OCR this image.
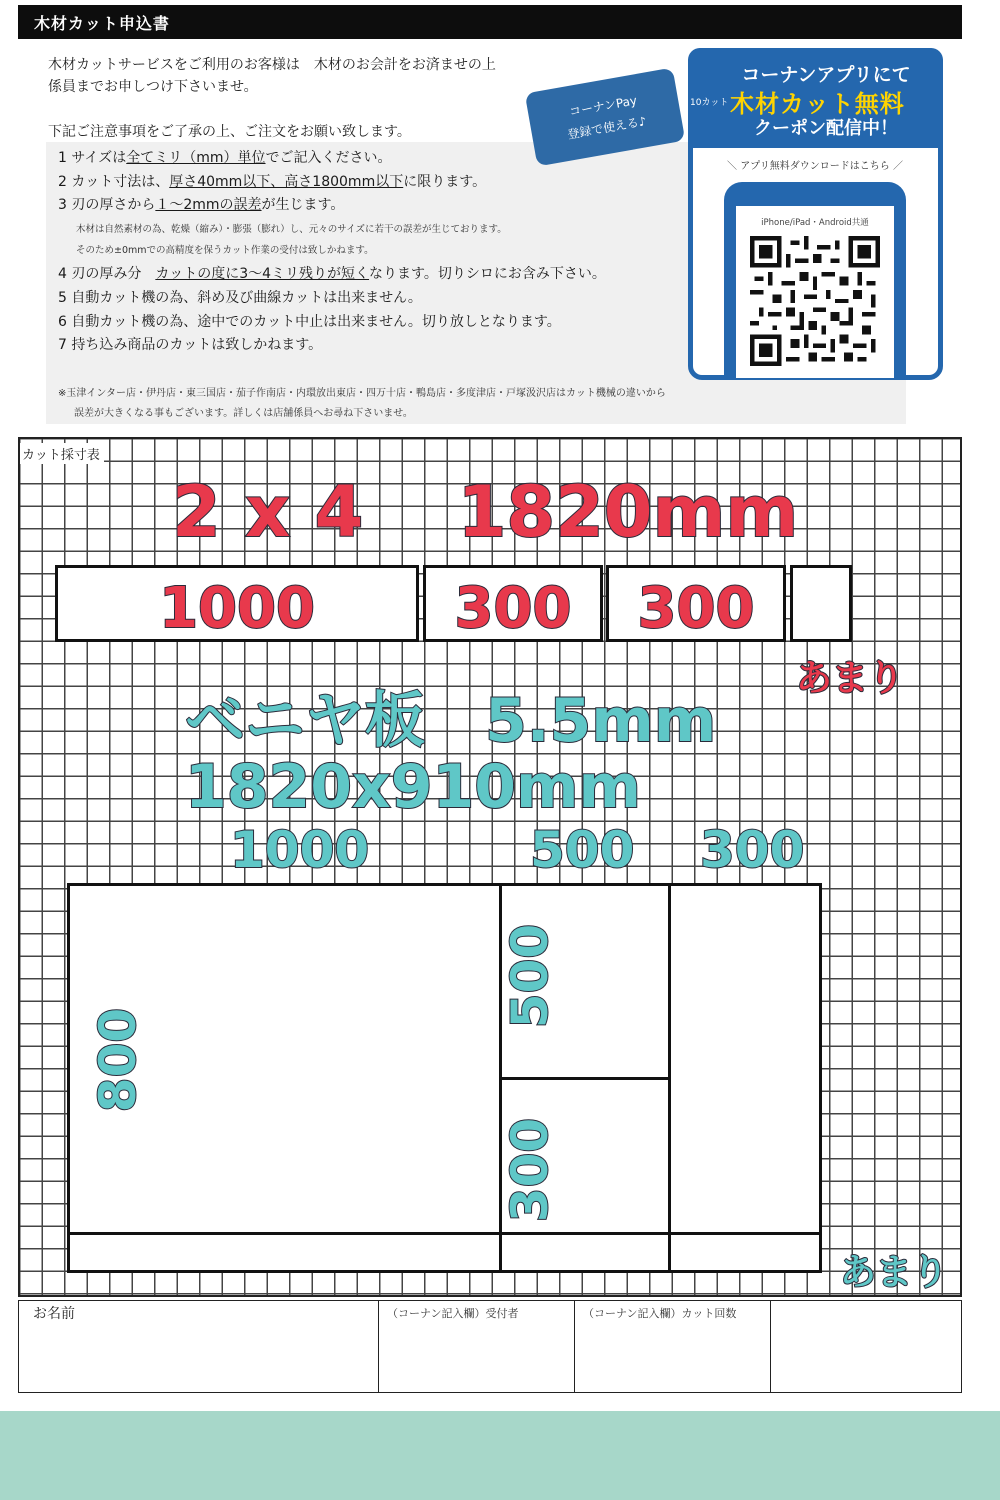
木材カット申込書
木材カットサービスをご利用のお客様は　木材のお会計をお済ませの上
係員までお申しつけ下さいませ。
下記ご注意事項をご了承の上、ご注文をお願い致します。
1 サイズは全てミリ（mm）単位でご記入ください。
2 カット寸法は、厚さ40mm以下、高さ1800mm以下に限ります。
3 刃の厚さから１～2mmの誤差が生じます。
木材は自然素材の為、乾燥（縮み）・膨張（膨れ）し、元々のサイズに若干の誤差が生じております。
そのため±0mmでの高精度を保うカット作業の受付は致しかねます。
4 刃の厚み分　カットの度に3～4ミリ残りが短くなります。切りシロにお含み下さい。
5 自動カット機の為、斜め及び曲線カットは出来ません。
6 自動カット機の為、途中でのカット中止は出来ません。切り放しとなります。
7 持ち込み商品のカットは致しかねます。
※玉津インター店・伊丹店・東三国店・茄子作南店・内環放出東店・四万十店・鴨島店・多度津店・戸塚汲沢店はカット機械の違いから
誤差が大きくなる事もございます。詳しくは店舗係員へお尋ね下さいませ。
コーナンPay
登録で使える♪
コーナンアプリにて
10カット 木材カット無料
クーポン配信中！
＼ アプリ無料ダウンロードはこちら ／
iPhone/iPad・Android共通
カット採寸表
2 x 4　 1820mm
1000	300	300
あまり
ベニヤ板　5.5mm
1820x910mm
1000	500 300
800
500
300
あまり
お名前	（コーナン記入欄）受付者	（コーナン記入欄）カット回数
